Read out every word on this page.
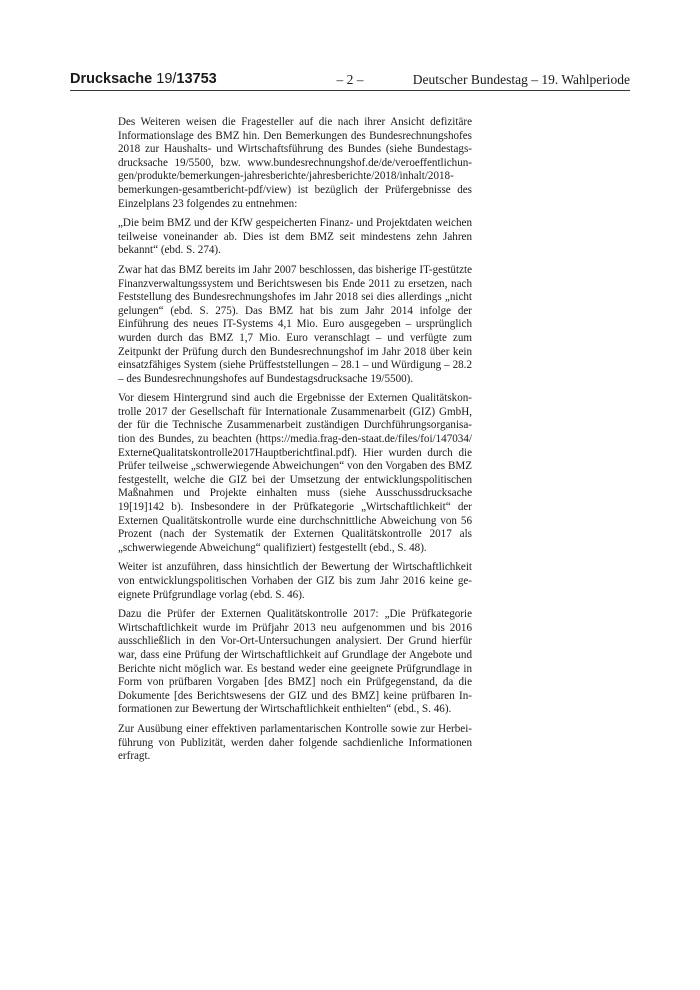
Drucksache 19/13753	– 2 –	Deutscher Bundestag – 19. Wahlperiode

Des Weiteren weisen die Fragesteller auf die nach ihrer Ansicht defizitäre Informationslage des BMZ hin. Den Bemerkungen des Bundesrechnungshofes 2018 zur Haushalts- und Wirtschaftsführung des Bundes (siehe Bundestagsdrucksache 19/5500, bzw. www.bundesrechnungshof.de/de/veroeffentlichungen/produkte/bemerkungen-jahresberichte/jahresberichte/2018/inhalt/2018-bemerkungen-gesamtbericht-pdf/view) ist bezüglich der Prüfergebnisse des Einzelplans 23 folgendes zu entnehmen:

„Die beim BMZ und der KfW gespeicherten Finanz- und Projektdaten weichen teilweise voneinander ab. Dies ist dem BMZ seit mindestens zehn Jahren bekannt“ (ebd. S. 274).

Zwar hat das BMZ bereits im Jahr 2007 beschlossen, das bisherige IT-gestützte Finanzverwaltungssystem und Berichtswesen bis Ende 2011 zu ersetzen, nach Feststellung des Bundesrechnungshofes im Jahr 2018 sei dies allerdings „nicht gelungen“ (ebd. S. 275). Das BMZ hat bis zum Jahr 2014 infolge der Einführung des neues IT-Systems 4,1 Mio. Euro ausgegeben – ursprünglich wurden durch das BMZ 1,7 Mio. Euro veranschlagt – und verfügte zum Zeitpunkt der Prüfung durch den Bundesrechnungshof im Jahr 2018 über kein einsatzfähiges System (siehe Prüffeststellungen – 28.1 – und Würdigung – 28.2 – des Bundesrechnungshofes auf Bundestagsdrucksache 19/5500).

Vor diesem Hintergrund sind auch die Ergebnisse der Externen Qualitätskontrolle 2017 der Gesellschaft für Internationale Zusammenarbeit (GIZ) GmbH, der für die Technische Zusammenarbeit zuständigen Durchführungsorganisation des Bundes, zu beachten (https://media.frag-den-staat.de/files/foi/147034/ ExterneQualitatskontrolle2017Hauptberichtfinal.pdf). Hier wurden durch die Prüfer teilweise „schwerwiegende Abweichungen“ von den Vorgaben des BMZ festgestellt, welche die GIZ bei der Umsetzung der entwicklungspolitischen Maßnahmen und Projekte einhalten muss (siehe Ausschussdrucksache 19[19]142 b). Insbesondere in der Prüfkategorie „Wirtschaftlichkeit“ der Externen Qualitätskontrolle wurde eine durchschnittliche Abweichung von 56 Prozent (nach der Systematik der Externen Qualitätskontrolle 2017 als „schwerwiegende Abweichung“ qualifiziert) festgestellt (ebd., S. 48).

Weiter ist anzuführen, dass hinsichtlich der Bewertung der Wirtschaftlichkeit von entwicklungspolitischen Vorhaben der GIZ bis zum Jahr 2016 keine geeignete Prüfgrundlage vorlag (ebd. S. 46).

Dazu die Prüfer der Externen Qualitätskontrolle 2017: „Die Prüfkategorie Wirtschaftlichkeit wurde im Prüfjahr 2013 neu aufgenommen und bis 2016 ausschließlich in den Vor-Ort-Untersuchungen analysiert. Der Grund hierfür war, dass eine Prüfung der Wirtschaftlichkeit auf Grundlage der Angebote und Berichte nicht möglich war. Es bestand weder eine geeignete Prüfgrundlage in Form von prüfbaren Vorgaben [des BMZ] noch ein Prüfgegenstand, da die Dokumente [des Berichtswesens der GIZ und des BMZ] keine prüfbaren Informationen zur Bewertung der Wirtschaftlichkeit enthielten“ (ebd., S. 46).

Zur Ausübung einer effektiven parlamentarischen Kontrolle sowie zur Herbeiführung von Publizität, werden daher folgende sachdienliche Informationen erfragt.
